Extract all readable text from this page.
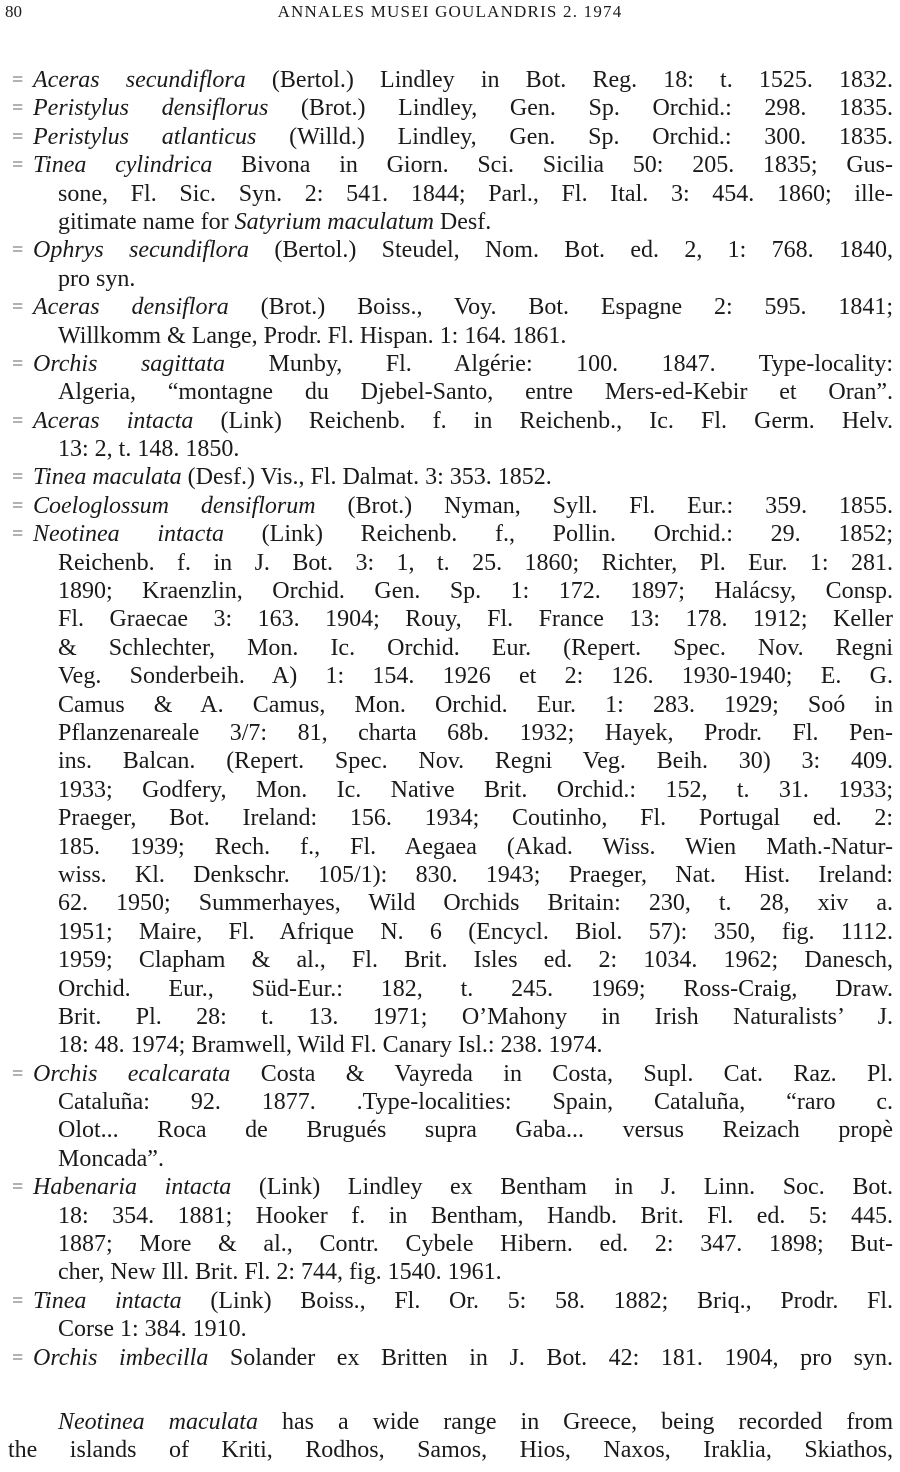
80	ANNALES MUSEI GOULANDRIS 2. 1974
= Aceras secundiflora (Bertol.) Lindley in Bot. Reg. 18: t. 1525. 1832.
= Peristylus densiflorus (Brot.) Lindley, Gen. Sp. Orchid.: 298. 1835.
= Peristylus atlanticus (Willd.) Lindley, Gen. Sp. Orchid.: 300. 1835.
= Tinea cylindrica Bivona in Giorn. Sci. Sicilia 50: 205. 1835; Gus-
sone, Fl. Sic. Syn. 2: 541. 1844; Parl., Fl. Ital. 3: 454. 1860; ille-
gitimate name for Satyrium maculatum Desf.
= Ophrys secundiflora (Bertol.) Steudel, Nom. Bot. ed. 2, 1: 768. 1840,
pro syn.
= Aceras densiflora (Brot.) Boiss., Voy. Bot. Espagne 2: 595. 1841;
Willkomm & Lange, Prodr. Fl. Hispan. 1: 164. 1861.
= Orchis sagittata Munby, Fl. Algérie: 100. 1847. Type-locality:
Algeria, “montagne du Djebel-Santo, entre Mers-ed-Kebir et Oran”.
= Aceras intacta (Link) Reichenb. f. in Reichenb., Ic. Fl. Germ. Helv.
13: 2, t. 148. 1850.
= Tinea maculata (Desf.) Vis., Fl. Dalmat. 3: 353. 1852.
= Coeloglossum densiflorum (Brot.) Nyman, Syll. Fl. Eur.: 359. 1855.
= Neotinea intacta (Link) Reichenb. f., Pollin. Orchid.: 29. 1852;
Reichenb. f. in J. Bot. 3: 1, t. 25. 1860; Richter, Pl. Eur. 1: 281.
1890; Kraenzlin, Orchid. Gen. Sp. 1: 172. 1897; Halácsy, Consp.
Fl. Graecae 3: 163. 1904; Rouy, Fl. France 13: 178. 1912; Keller
& Schlechter, Mon. Ic. Orchid. Eur. (Repert. Spec. Nov. Regni
Veg. Sonderbeih. A) 1: 154. 1926 et 2: 126. 1930-1940; E. G.
Camus & A. Camus, Mon. Orchid. Eur. 1: 283. 1929; Soó in
Pflanzenareale 3/7: 81, charta 68b. 1932; Hayek, Prodr. Fl. Pen-
ins. Balcan. (Repert. Spec. Nov. Regni Veg. Beih. 30) 3: 409.
1933; Godfery, Mon. Ic. Native Brit. Orchid.: 152, t. 31. 1933;
Praeger, Bot. Ireland: 156. 1934; Coutinho, Fl. Portugal ed. 2:
185. 1939; Rech. f., Fl. Aegaea (Akad. Wiss. Wien Math.-Natur-
wiss. Kl. Denkschr. 105/1): 830. 1943; Praeger, Nat. Hist. Ireland:
62. 1950; Summerhayes, Wild Orchids Britain: 230, t. 28, xiv a.
1951; Maire, Fl. Afrique N. 6 (Encycl. Biol. 57): 350, fig. 1112.
1959; Clapham & al., Fl. Brit. Isles ed. 2: 1034. 1962; Danesch,
Orchid. Eur., Süd-Eur.: 182, t. 245. 1969; Ross-Craig, Draw.
Brit. Pl. 28: t. 13. 1971; O’Mahony in Irish Naturalists’ J.
18: 48. 1974; Bramwell, Wild Fl. Canary Isl.: 238. 1974.
= Orchis ecalcarata Costa & Vayreda in Costa, Supl. Cat. Raz. Pl.
Cataluña: 92. 1877. .Type-localities: Spain, Cataluña, “raro c.
Olot... Roca de Brugués supra Gaba... versus Reizach propè
Moncada”.
= Habenaria intacta (Link) Lindley ex Bentham in J. Linn. Soc. Bot.
18: 354. 1881; Hooker f. in Bentham, Handb. Brit. Fl. ed. 5: 445.
1887; More & al., Contr. Cybele Hibern. ed. 2: 347. 1898; But-
cher, New Ill. Brit. Fl. 2: 744, fig. 1540. 1961.
= Tinea intacta (Link) Boiss., Fl. Or. 5: 58. 1882; Briq., Prodr. Fl.
Corse 1: 384. 1910.
= Orchis imbecilla Solander ex Britten in J. Bot. 42: 181. 1904, pro syn.
Neotinea maculata has a wide range in Greece, being recorded from
the islands of Kriti, Rodhos, Samos, Hios, Naxos, Iraklia, Skiathos,
